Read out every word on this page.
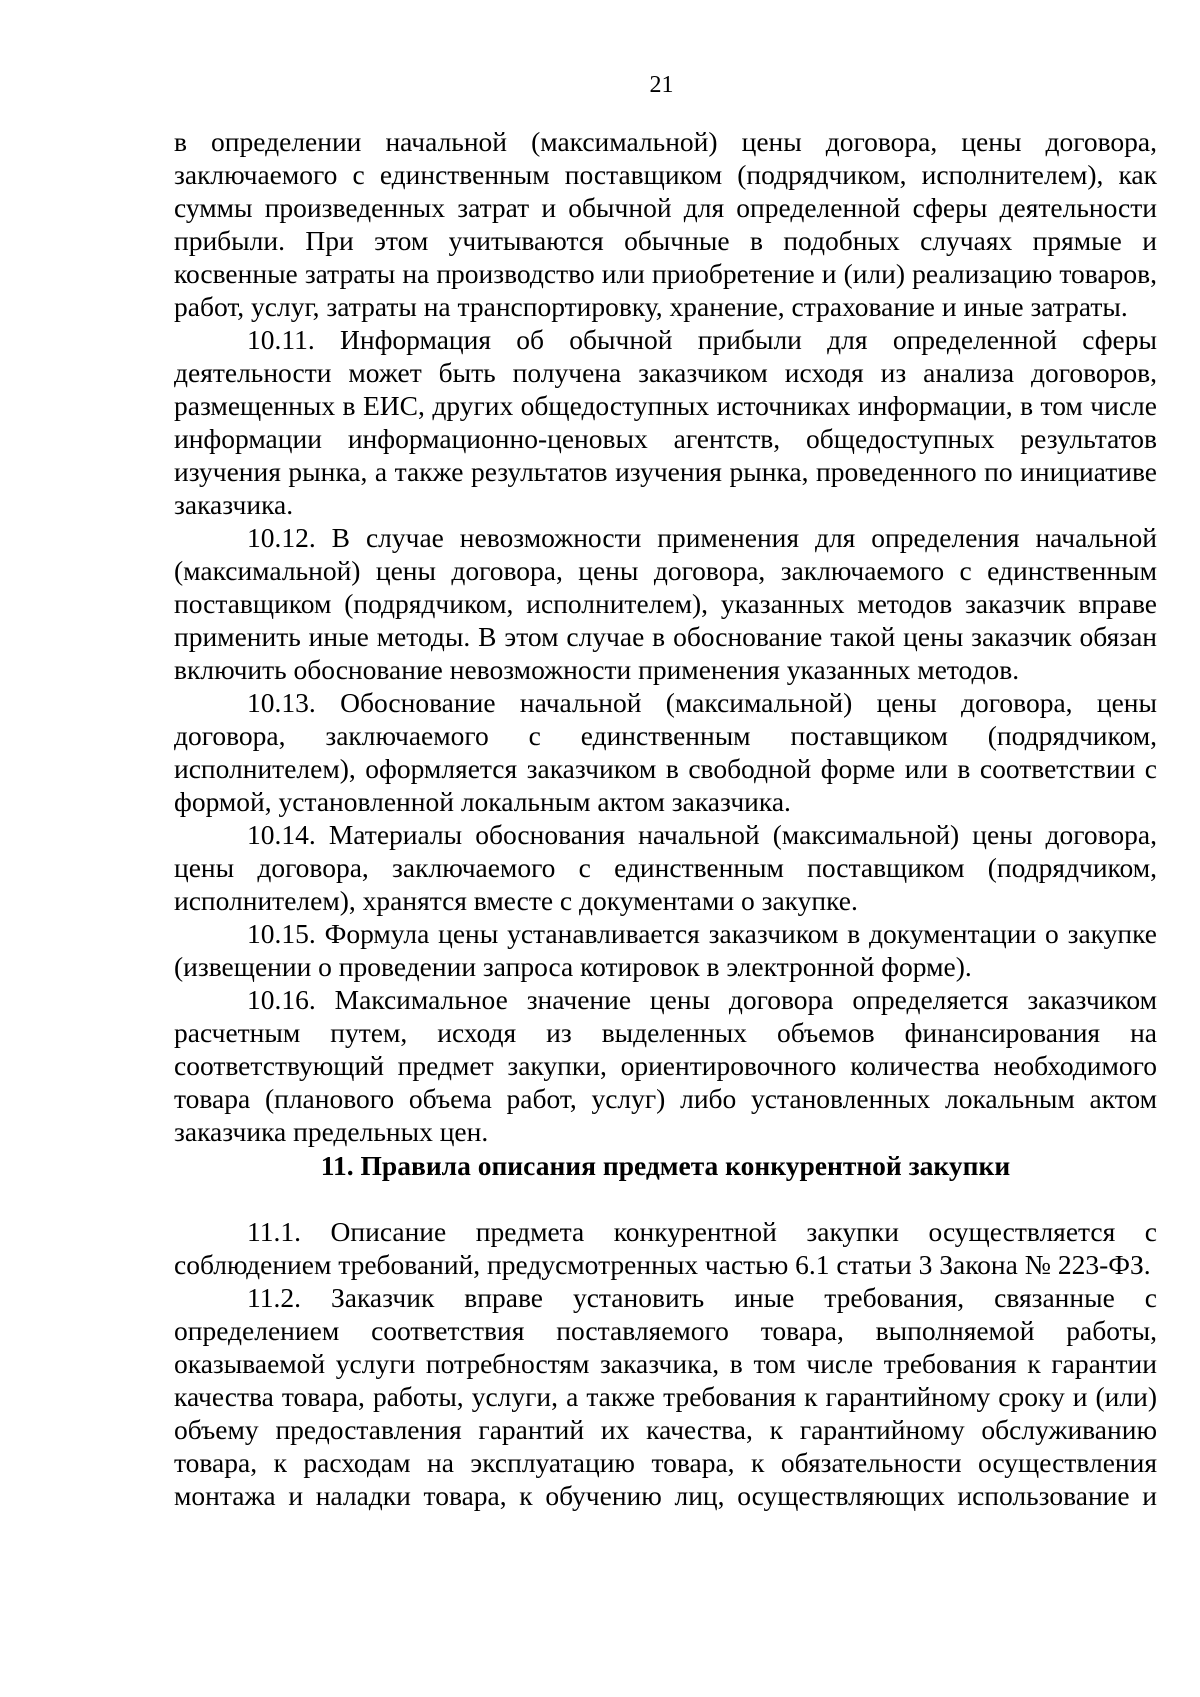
21

в определении начальной (максимальной) цены договора, цены договора, заключаемого с единственным поставщиком (подрядчиком, исполнителем), как суммы произведенных затрат и обычной для определенной сферы деятельности прибыли. При этом учитываются обычные в подобных случаях прямые и косвенные затраты на производство или приобретение и (или) реализацию товаров, работ, услуг, затраты на транспортировку, хранение, страхование и иные затраты.

10.11. Информация об обычной прибыли для определенной сферы деятельности может быть получена заказчиком исходя из анализа договоров, размещенных в ЕИС, других общедоступных источниках информации, в том числе информации информационно-ценовых агентств, общедоступных результатов изучения рынка, а также результатов изучения рынка, проведенного по инициативе заказчика.

10.12. В случае невозможности применения для определения начальной (максимальной) цены договора, цены договора, заключаемого с единственным поставщиком (подрядчиком, исполнителем), указанных методов заказчик вправе применить иные методы. В этом случае в обоснование такой цены заказчик обязан включить обоснование невозможности применения указанных методов.

10.13. Обоснование начальной (максимальной) цены договора, цены договора, заключаемого с единственным поставщиком (подрядчиком, исполнителем), оформляется заказчиком в свободной форме или в соответствии с формой, установленной локальным актом заказчика.

10.14. Материалы обоснования начальной (максимальной) цены договора, цены договора, заключаемого с единственным поставщиком (подрядчиком, исполнителем), хранятся вместе с документами о закупке.

10.15. Формула цены устанавливается заказчиком в документации о закупке (извещении о проведении запроса котировок в электронной форме).

10.16. Максимальное значение цены договора определяется заказчиком расчетным путем, исходя из выделенных объемов финансирования на соответствующий предмет закупки, ориентировочного количества необходимого товара (планового объема работ, услуг) либо установленных локальным актом заказчика предельных цен.

11. Правила описания предмета конкурентной закупки

11.1. Описание предмета конкурентной закупки осуществляется с соблюдением требований, предусмотренных частью 6.1 статьи 3 Закона № 223-ФЗ.

11.2. Заказчик вправе установить иные требования, связанные с определением соответствия поставляемого товара, выполняемой работы, оказываемой услуги потребностям заказчика, в том числе требования к гарантии качества товара, работы, услуги, а также требования к гарантийному сроку и (или) объему предоставления гарантий их качества, к гарантийному обслуживанию товара, к расходам на эксплуатацию товара, к обязательности осуществления монтажа и наладки товара, к обучению лиц, осуществляющих использование и
